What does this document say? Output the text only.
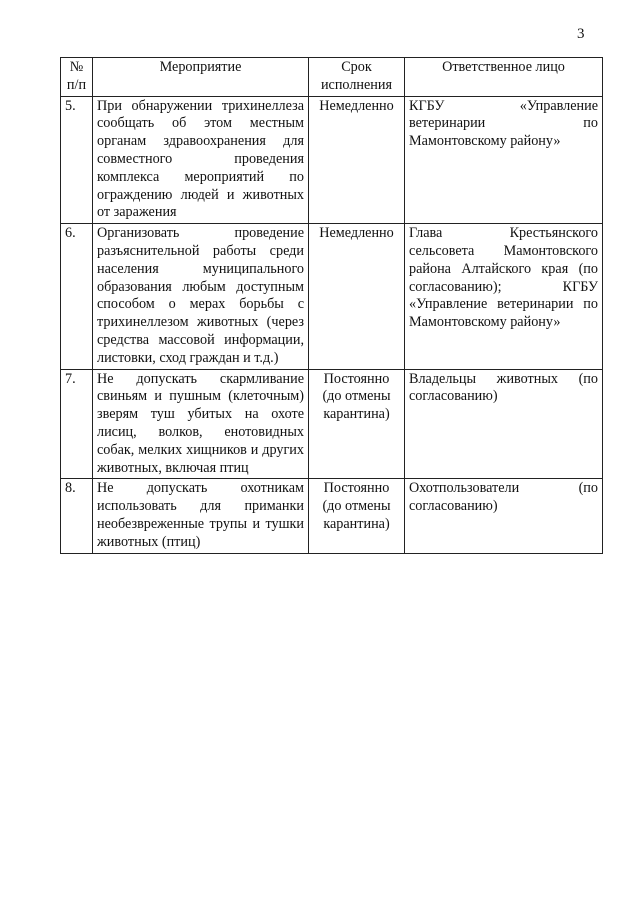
3
№ п/п	Мероприятие	Срок исполнения	Ответственное лицо
5.	При обнаружении трихинеллеза сообщать об этом местным органам здравоохранения для совместного проведения комплекса мероприятий по ограждению людей и животных от заражения	Немедленно	КГБУ «Управление ветеринарии по Мамонтовскому району»
6.	Организовать проведение разъяснительной работы среди населения муниципального образования любым доступным способом о мерах борьбы с трихинеллезом животных (через средства массовой информации, листовки, сход граждан и т.д.)	Немедленно	Глава Крестьянского сельсовета Мамонтовского района Алтайского края (по согласованию); КГБУ «Управление ветеринарии по Мамонтовскому району»
7.	Не допускать скармливание свиньям и пушным (клеточным) зверям туш убитых на охоте лисиц, волков, енотовидных собак, мелких хищников и других животных, включая птиц	Постоянно (до отмены карантина)	Владельцы животных (по согласованию)
8.	Не допускать охотникам использовать для приманки необезвреженные трупы и тушки животных (птиц)	Постоянно (до отмены карантина)	Охотпользователи (по согласованию)
